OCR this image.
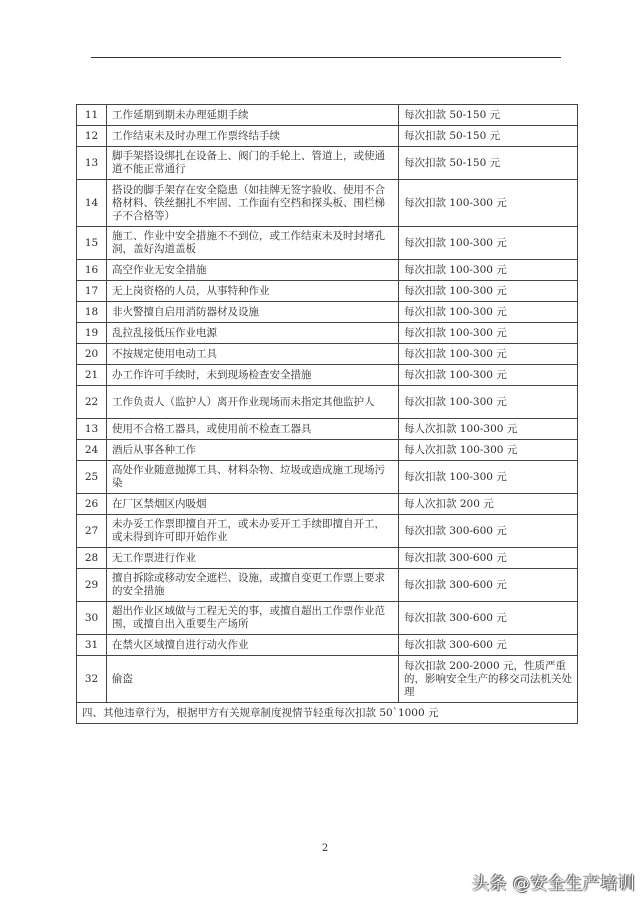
11	工作延期到期未办理延期手续	每次扣款 50-150 元
12	工作结束未及时办理工作票终结手续	每次扣款 50-150 元
13	脚手架搭设绑扎在设备上、阀门的手轮上、管道上，或使通道不能正常通行	每次扣款 50-150 元
14	搭设的脚手架存在安全隐患（如挂牌无签字验收、使用不合格材料、铁丝捆扎不牢固、工作面有空档和探头板、围栏梯子不合格等）	每次扣款 100-300 元
15	施工、作业中安全措施不不到位，或工作结束未及时封堵孔洞，盖好沟道盖板	每次扣款 100-300 元
16	高空作业无安全措施	每次扣款 100-300 元
17	无上岗资格的人员，从事特种作业	每次扣款 100-300 元
18	非火警擅自启用消防器材及设施	每次扣款 100-300 元
19	乱拉乱接低压作业电源	每次扣款 100-300 元
20	不按规定使用电动工具	每次扣款 100-300 元
21	办工作许可手续时，未到现场检查安全措施	每次扣款 100-300 元
22	工作负责人（监护人）离开作业现场而未指定其他监护人	每次扣款 100-300 元
13	使用不合格工器具，或使用前不检查工器具	每人次扣款 100-300 元
24	酒后从事各种工作	每人次扣款 100-300 元
25	高处作业随意抛掷工具、材料杂物、垃圾或造成施工现场污染	每次扣款 100-300 元
26	在厂区禁烟区内吸烟	每人次扣款 200 元
27	未办妥工作票即擅自开工，或未办妥开工手续即擅自开工，或未得到许可即开始作业	每次扣款 300-600 元
28	无工作票进行作业	每次扣款 300-600 元
29	擅自拆除或移动安全遮栏、设施，或擅自变更工作票上要求的安全措施	每次扣款 300-600 元
30	超出作业区域做与工程无关的事，或擅自超出工作票作业范围，或擅自出入重要生产场所	每次扣款 300-600 元
31	在禁火区域擅自进行动火作业	每次扣款 300-600 元
32	偷盗	每次扣款 200-2000 元，性质严重的，影响安全生产的移交司法机关处理
四、其他违章行为，根据甲方有关规章制度视情节轻重每次扣款 50`1000 元		
2
头条 @安全生产培训
